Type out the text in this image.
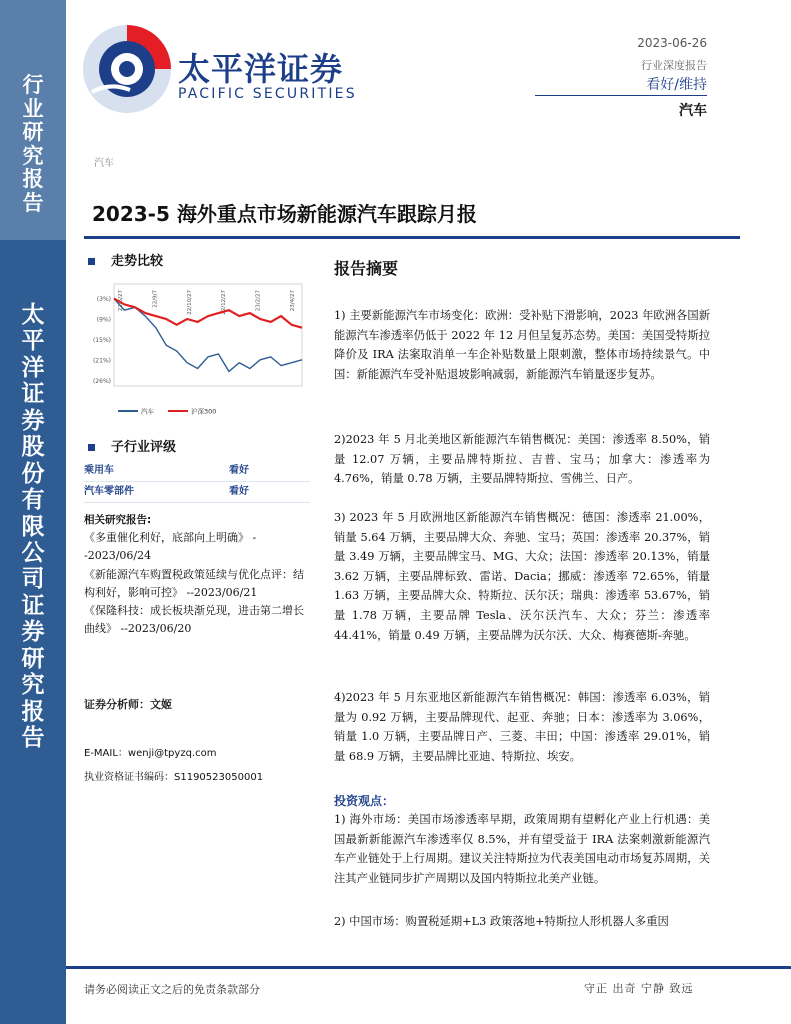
行
业
研
究
报
告
太
平
洋
证
券
股
份
有
限
公
司
证
券
研
究
报
告
太平洋证券
PACIFIC SECURITIES
2023-06-26
行业深度报告
看好/维持
汽车
汽车
2023-5 海外重点市场新能源汽车跟踪月报
走势比较
(3%)
(9%)
(15%)
(21%)
(26%)
22/6/27	22/9/7	22/10/27	22/12/27	23/2/27	23/4/27
汽车	沪深300
子行业评级
乘用车	看好
汽车零部件	看好
相关研究报告:
《多重催化利好，底部向上明确》 --2023/06/24
《新能源汽车购置税政策延续与优化点评：结构利好，影响可控》 --2023/06/21
《保隆科技：成长板块渐兑现，进击第二增长曲线》 --2023/06/20
证券分析师：文姬
E-MAIL：wenji@tpyzq.com
执业资格证书编码：S1190523050001
报告摘要
1) 主要新能源汽车市场变化：欧洲：受补贴下滑影响，2023 年欧洲各国新能源汽车渗透率仍低于 2022 年 12 月但呈复苏态势。美国：美国受特斯拉降价及 IRA 法案取消单一车企补贴数量上限刺激，整体市场持续景气。中国：新能源汽车受补贴退坡影响减弱，新能源汽车销量逐步复苏。
2)2023 年 5 月北美地区新能源汽车销售概况：美国：渗透率 8.50%，销量 12.07 万辆，主要品牌特斯拉、吉普、宝马；加拿大：渗透率为 4.76%，销量 0.78 万辆，主要品牌特斯拉、雪佛兰、日产。
3) 2023 年 5 月欧洲地区新能源汽车销售概况：德国：渗透率 21.00%，销量 5.64 万辆，主要品牌大众、奔驰、宝马；英国：渗透率 20.37%，销量 3.49 万辆，主要品牌宝马、MG、大众；法国：渗透率 20.13%，销量 3.62 万辆，主要品牌标致、雷诺、Dacia；挪威：渗透率 72.65%，销量 1.63 万辆，主要品牌大众、特斯拉、沃尔沃；瑞典：渗透率 53.67%，销量 1.78 万辆，主要品牌 Tesla、沃尔沃汽车、大众；芬兰：渗透率 44.41%，销量 0.49 万辆，主要品牌为沃尔沃、大众、梅赛德斯-奔驰。
4)2023 年 5 月东亚地区新能源汽车销售概况：韩国：渗透率 6.03%，销量为 0.92 万辆，主要品牌现代、起亚、奔驰；日本：渗透率为 3.06%，销量 1.0 万辆，主要品牌日产、三菱、丰田；中国：渗透率 29.01%，销量 68.9 万辆，主要品牌比亚迪、特斯拉、埃安。
投资观点：
1) 海外市场：美国市场渗透率早期，政策周期有望孵化产业上行机遇：美国最新新能源汽车渗透率仅 8.5%，并有望受益于 IRA 法案刺激新能源汽车产业链处于上行周期。建议关注特斯拉为代表美国电动市场复苏周期，关注其产业链同步扩产周期以及国内特斯拉北美产业链。
2) 中国市场：购置税延期+L3 政策落地+特斯拉人形机器人多重因
请务必阅读正文之后的免责条款部分	守正 出奇 宁静 致远
